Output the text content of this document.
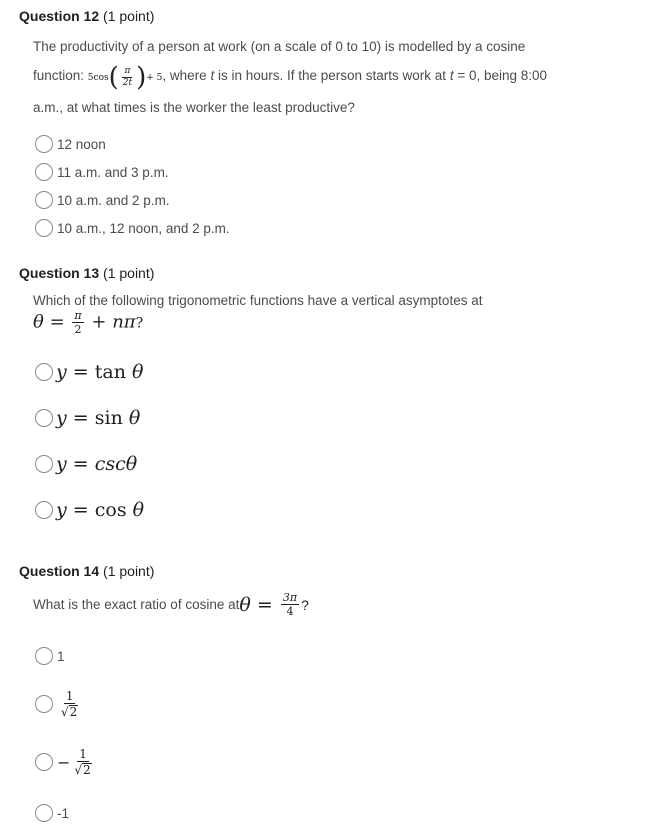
Question 12 (1 point)
The productivity of a person at work (on a scale of 0 to 10) is modelled by a cosine
function: $5\cos( \frac{\pi}{2t}$ )+ 5, where t is in hours. If the person starts work at t = 0, being 8:00
a.m., at what times is the worker the least productive?
12 noon
11 a.m. and 3 p.m.
10 a.m. and 2 p.m.
10 a.m., 12 noon, and 2 p.m.
Question 13 (1 point)
Which of the following trigonometric functions have a vertical asymptotes at
$\theta = \frac{\pi}{2} + n\pi$?
y = tan θ
y = sin θ
y = cscθ
y = cos θ
Question 14 (1 point)
What is the exact ratio of cosine at θ
=
$\frac{3\pi}{4}$ ?
1
$\frac{1}{√ 2}$
− $\frac{1}{√ 2}$
-1
